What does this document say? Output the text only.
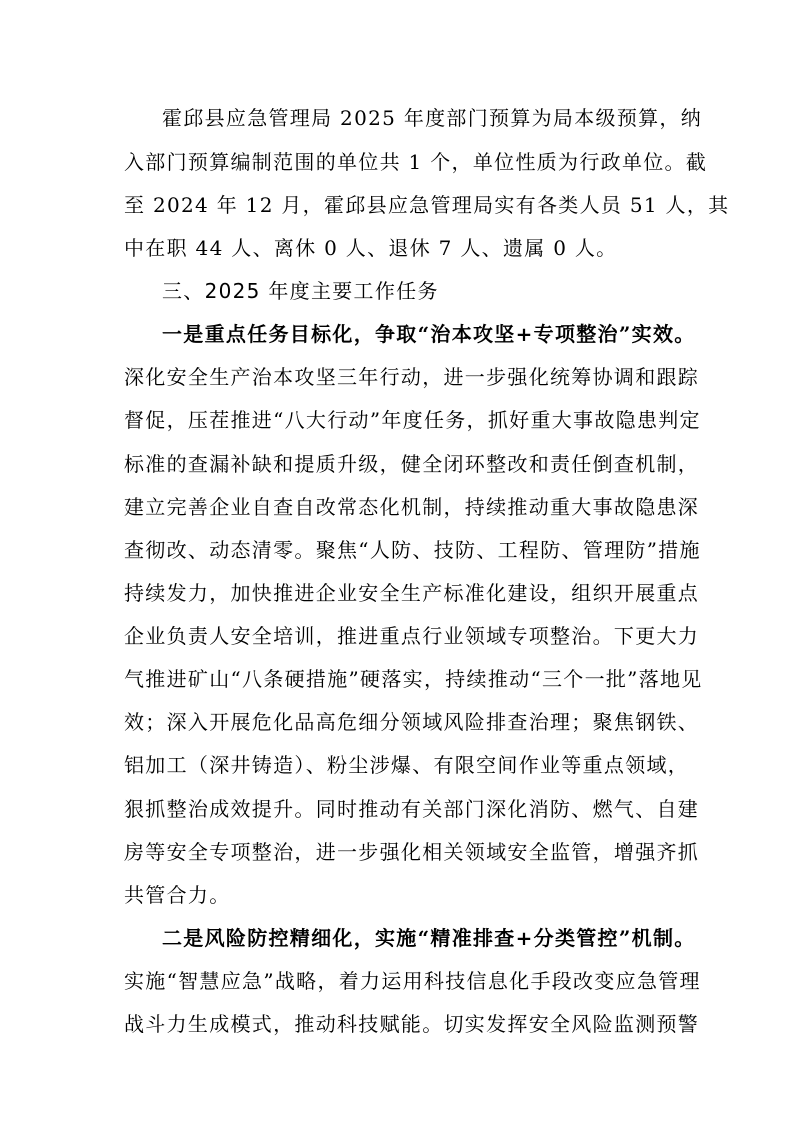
霍邱县应急管理局 2025 年度部门预算为局本级预算，纳
入部门预算编制范围的单位共 1 个，单位性质为行政单位。截
至 2024 年 12 月，霍邱县应急管理局实有各类人员 51 人，其
中在职 44 人、离休 0 人、退休 7 人、遗属 0 人。
三、2025 年度主要工作任务
一是重点任务目标化，争取“治本攻坚+专项整治”实效。
深化安全生产治本攻坚三年行动，进一步强化统筹协调和跟踪
督促，压茬推进“八大行动”年度任务，抓好重大事故隐患判定
标准的查漏补缺和提质升级，健全闭环整改和责任倒查机制，
建立完善企业自查自改常态化机制，持续推动重大事故隐患深
查彻改、动态清零。聚焦“人防、技防、工程防、管理防”措施
持续发力，加快推进企业安全生产标准化建设，组织开展重点
企业负责人安全培训，推进重点行业领域专项整治。下更大力
气推进矿山“八条硬措施”硬落实，持续推动“三个一批”落地见
效；深入开展危化品高危细分领域风险排查治理；聚焦钢铁、
铝加工（深井铸造）、粉尘涉爆、有限空间作业等重点领域，
狠抓整治成效提升。同时推动有关部门深化消防、燃气、自建
房等安全专项整治，进一步强化相关领域安全监管，增强齐抓
共管合力。
二是风险防控精细化，实施“精准排查+分类管控”机制。
实施“智慧应急”战略，着力运用科技信息化手段改变应急管理
战斗力生成模式，推动科技赋能。切实发挥安全风险监测预警
